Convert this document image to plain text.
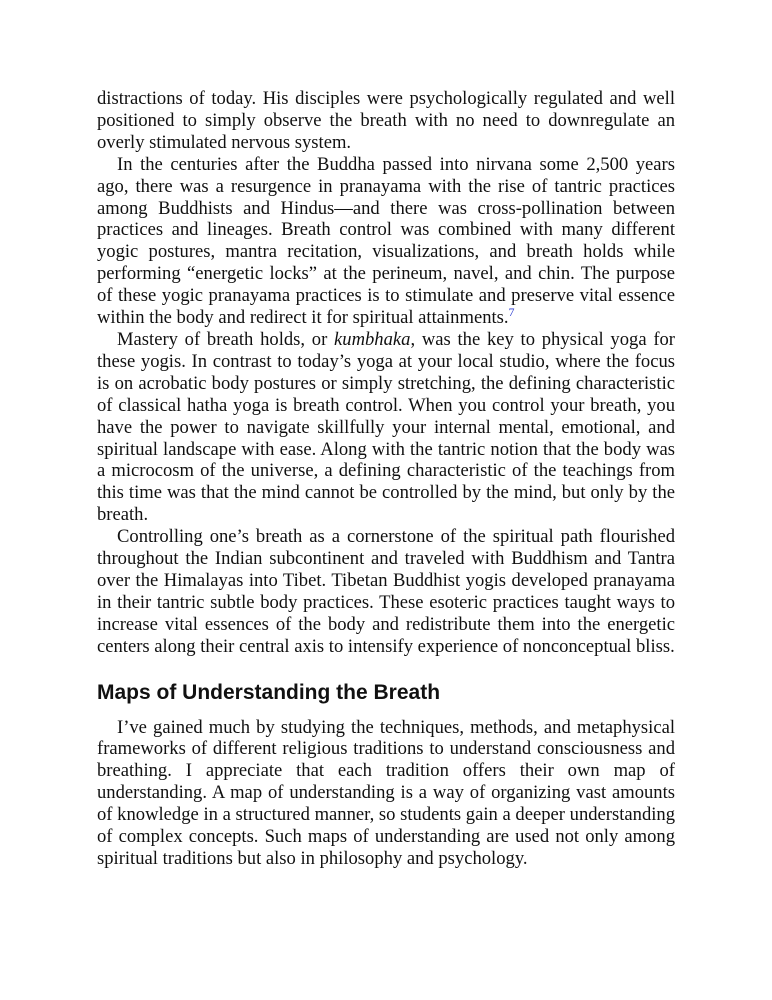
distractions of today. His disciples were psychologically regulated and well positioned to simply observe the breath with no need to downregulate an overly stimulated nervous system.

In the centuries after the Buddha passed into nirvana some 2,500 years ago, there was a resurgence in pranayama with the rise of tantric practices among Buddhists and Hindus—and there was cross-pollination between practices and lineages. Breath control was combined with many different yogic postures, mantra recitation, visualizations, and breath holds while performing “energetic locks” at the perineum, navel, and chin. The purpose of these yogic pranayama practices is to stimulate and preserve vital essence within the body and redirect it for spiritual attainments.$^7$

Mastery of breath holds, or kumbhaka, was the key to physical yoga for these yogis. In contrast to today’s yoga at your local studio, where the focus is on acrobatic body postures or simply stretching, the defining characteristic of classical hatha yoga is breath control. When you control your breath, you have the power to navigate skillfully your internal mental, emotional, and spiritual landscape with ease. Along with the tantric notion that the body was a microcosm of the universe, a defining characteristic of the teachings from this time was that the mind cannot be controlled by the mind, but only by the breath.

Controlling one’s breath as a cornerstone of the spiritual path flourished throughout the Indian subcontinent and traveled with Buddhism and Tantra over the Himalayas into Tibet. Tibetan Buddhist yogis developed pranayama in their tantric subtle body practices. These esoteric practices taught ways to increase vital essences of the body and redistribute them into the energetic centers along their central axis to intensify experience of nonconceptual bliss.

Maps of Understanding the Breath

I’ve gained much by studying the techniques, methods, and metaphysical frameworks of different religious traditions to understand consciousness and breathing. I appreciate that each tradition offers their own map of understanding. A map of understanding is a way of organizing vast amounts of knowledge in a structured manner, so students gain a deeper understanding of complex concepts. Such maps of understanding are used not only among spiritual traditions but also in philosophy and psychology.
